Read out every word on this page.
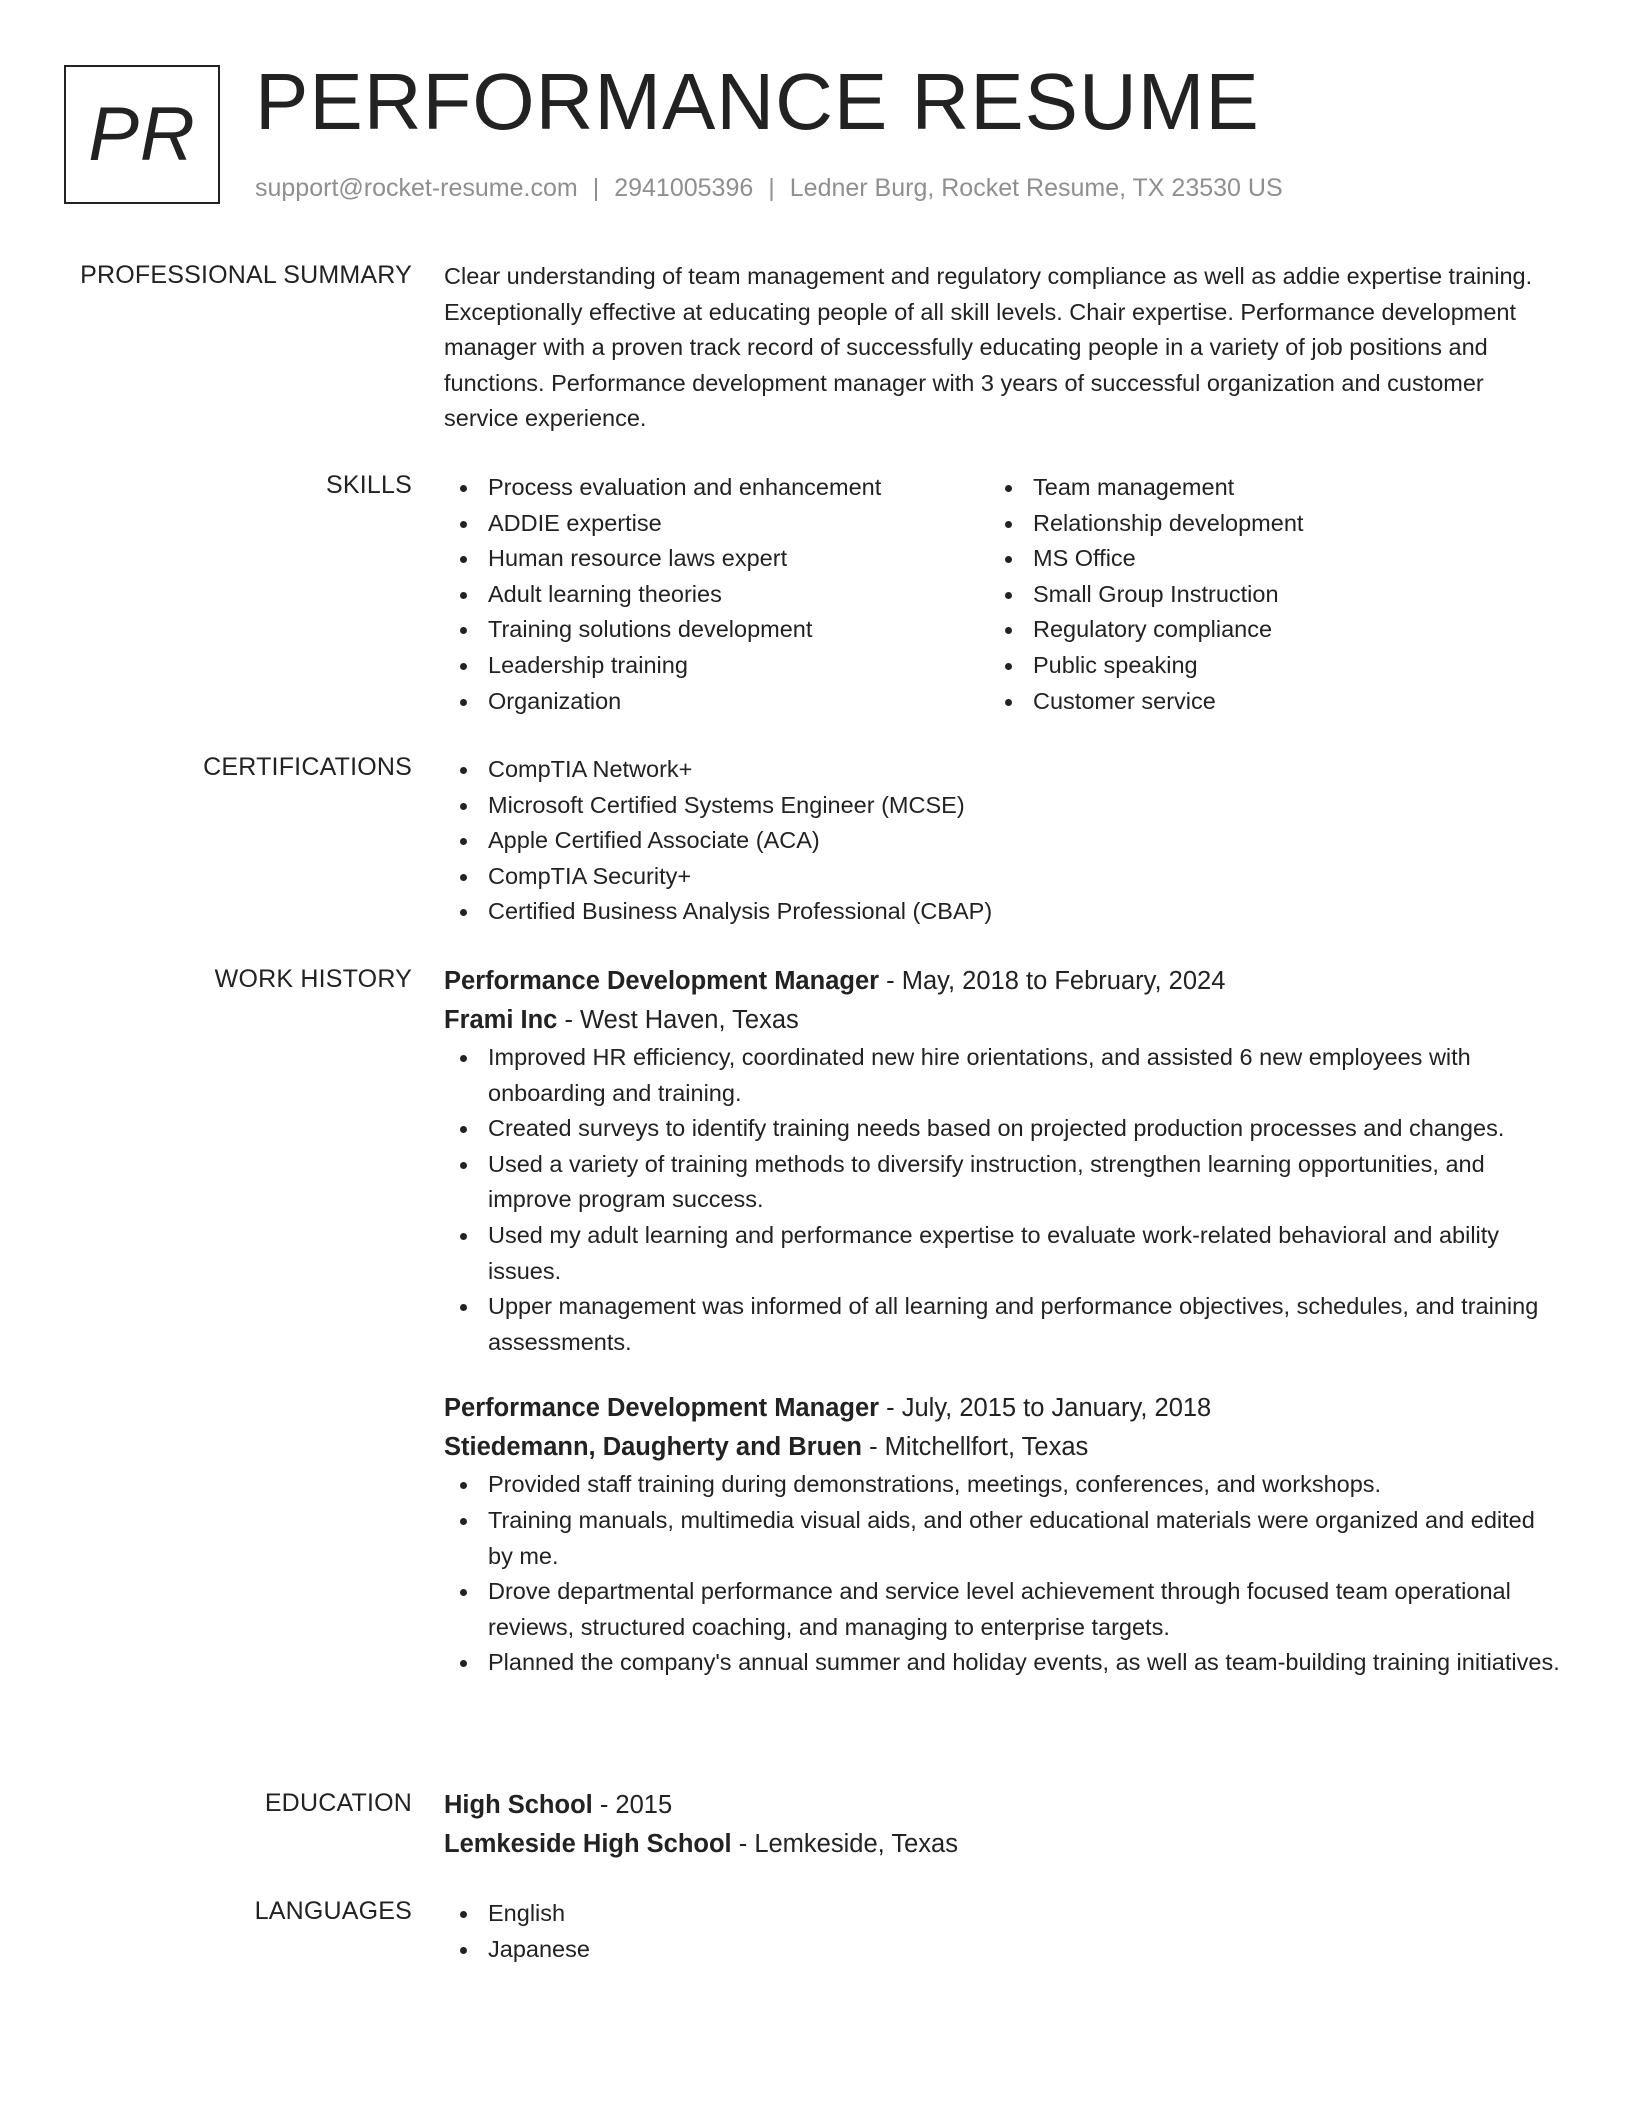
PR PERFORMANCE RESUME
support@rocket-resume.com | 2941005396 | Ledner Burg, Rocket Resume, TX 23530 US
PROFESSIONAL SUMMARY Clear understanding of team management and regulatory compliance as well as addie expertise training. Exceptionally effective at educating people of all skill levels. Chair expertise. Performance development manager with a proven track record of successfully educating people in a variety of job positions and functions. Performance development manager with 3 years of successful organization and customer service experience.

SKILLS	Process evaluation and enhancement
ADDIE expertise
Human resource laws expert
Adult learning theories
Training solutions development
Leadership training
Organization
Team management
Relationship development
MS Office
Small Group Instruction
Regulatory compliance
Public speaking
Customer service
CERTIFICATIONS	CompTIA Network+
Microsoft Certified Systems Engineer (MCSE)
Apple Certified Associate (ACA)
CompTIA Security+
Certified Business Analysis Professional (CBAP)
WORK HISTORY Performance Development Manager - May, 2018 to February, 2024
Frami Inc - West Haven, Texas
Improved HR efficiency, coordinated new hire orientations, and assisted 6 new employees with onboarding and training.
Created surveys to identify training needs based on projected production processes and changes.
Used a variety of training methods to diversify instruction, strengthen learning opportunities, and improve program success.
Used my adult learning and performance expertise to evaluate work-related behavioral and ability issues.
Upper management was informed of all learning and performance objectives, schedules, and training assessments.
Performance Development Manager - July, 2015 to January, 2018
Stiedemann, Daugherty and Bruen - Mitchellfort, Texas
Provided staff training during demonstrations, meetings, conferences, and workshops.
Training manuals, multimedia visual aids, and other educational materials were organized and edited by me.
Drove departmental performance and service level achievement through focused team operational reviews, structured coaching, and managing to enterprise targets.
Planned the company's annual summer and holiday events, as well as team-building training initiatives.
EDUCATION High School - 2015
Lemkeside High School - Lemkeside, Texas
LANGUAGES	English
Japanese
